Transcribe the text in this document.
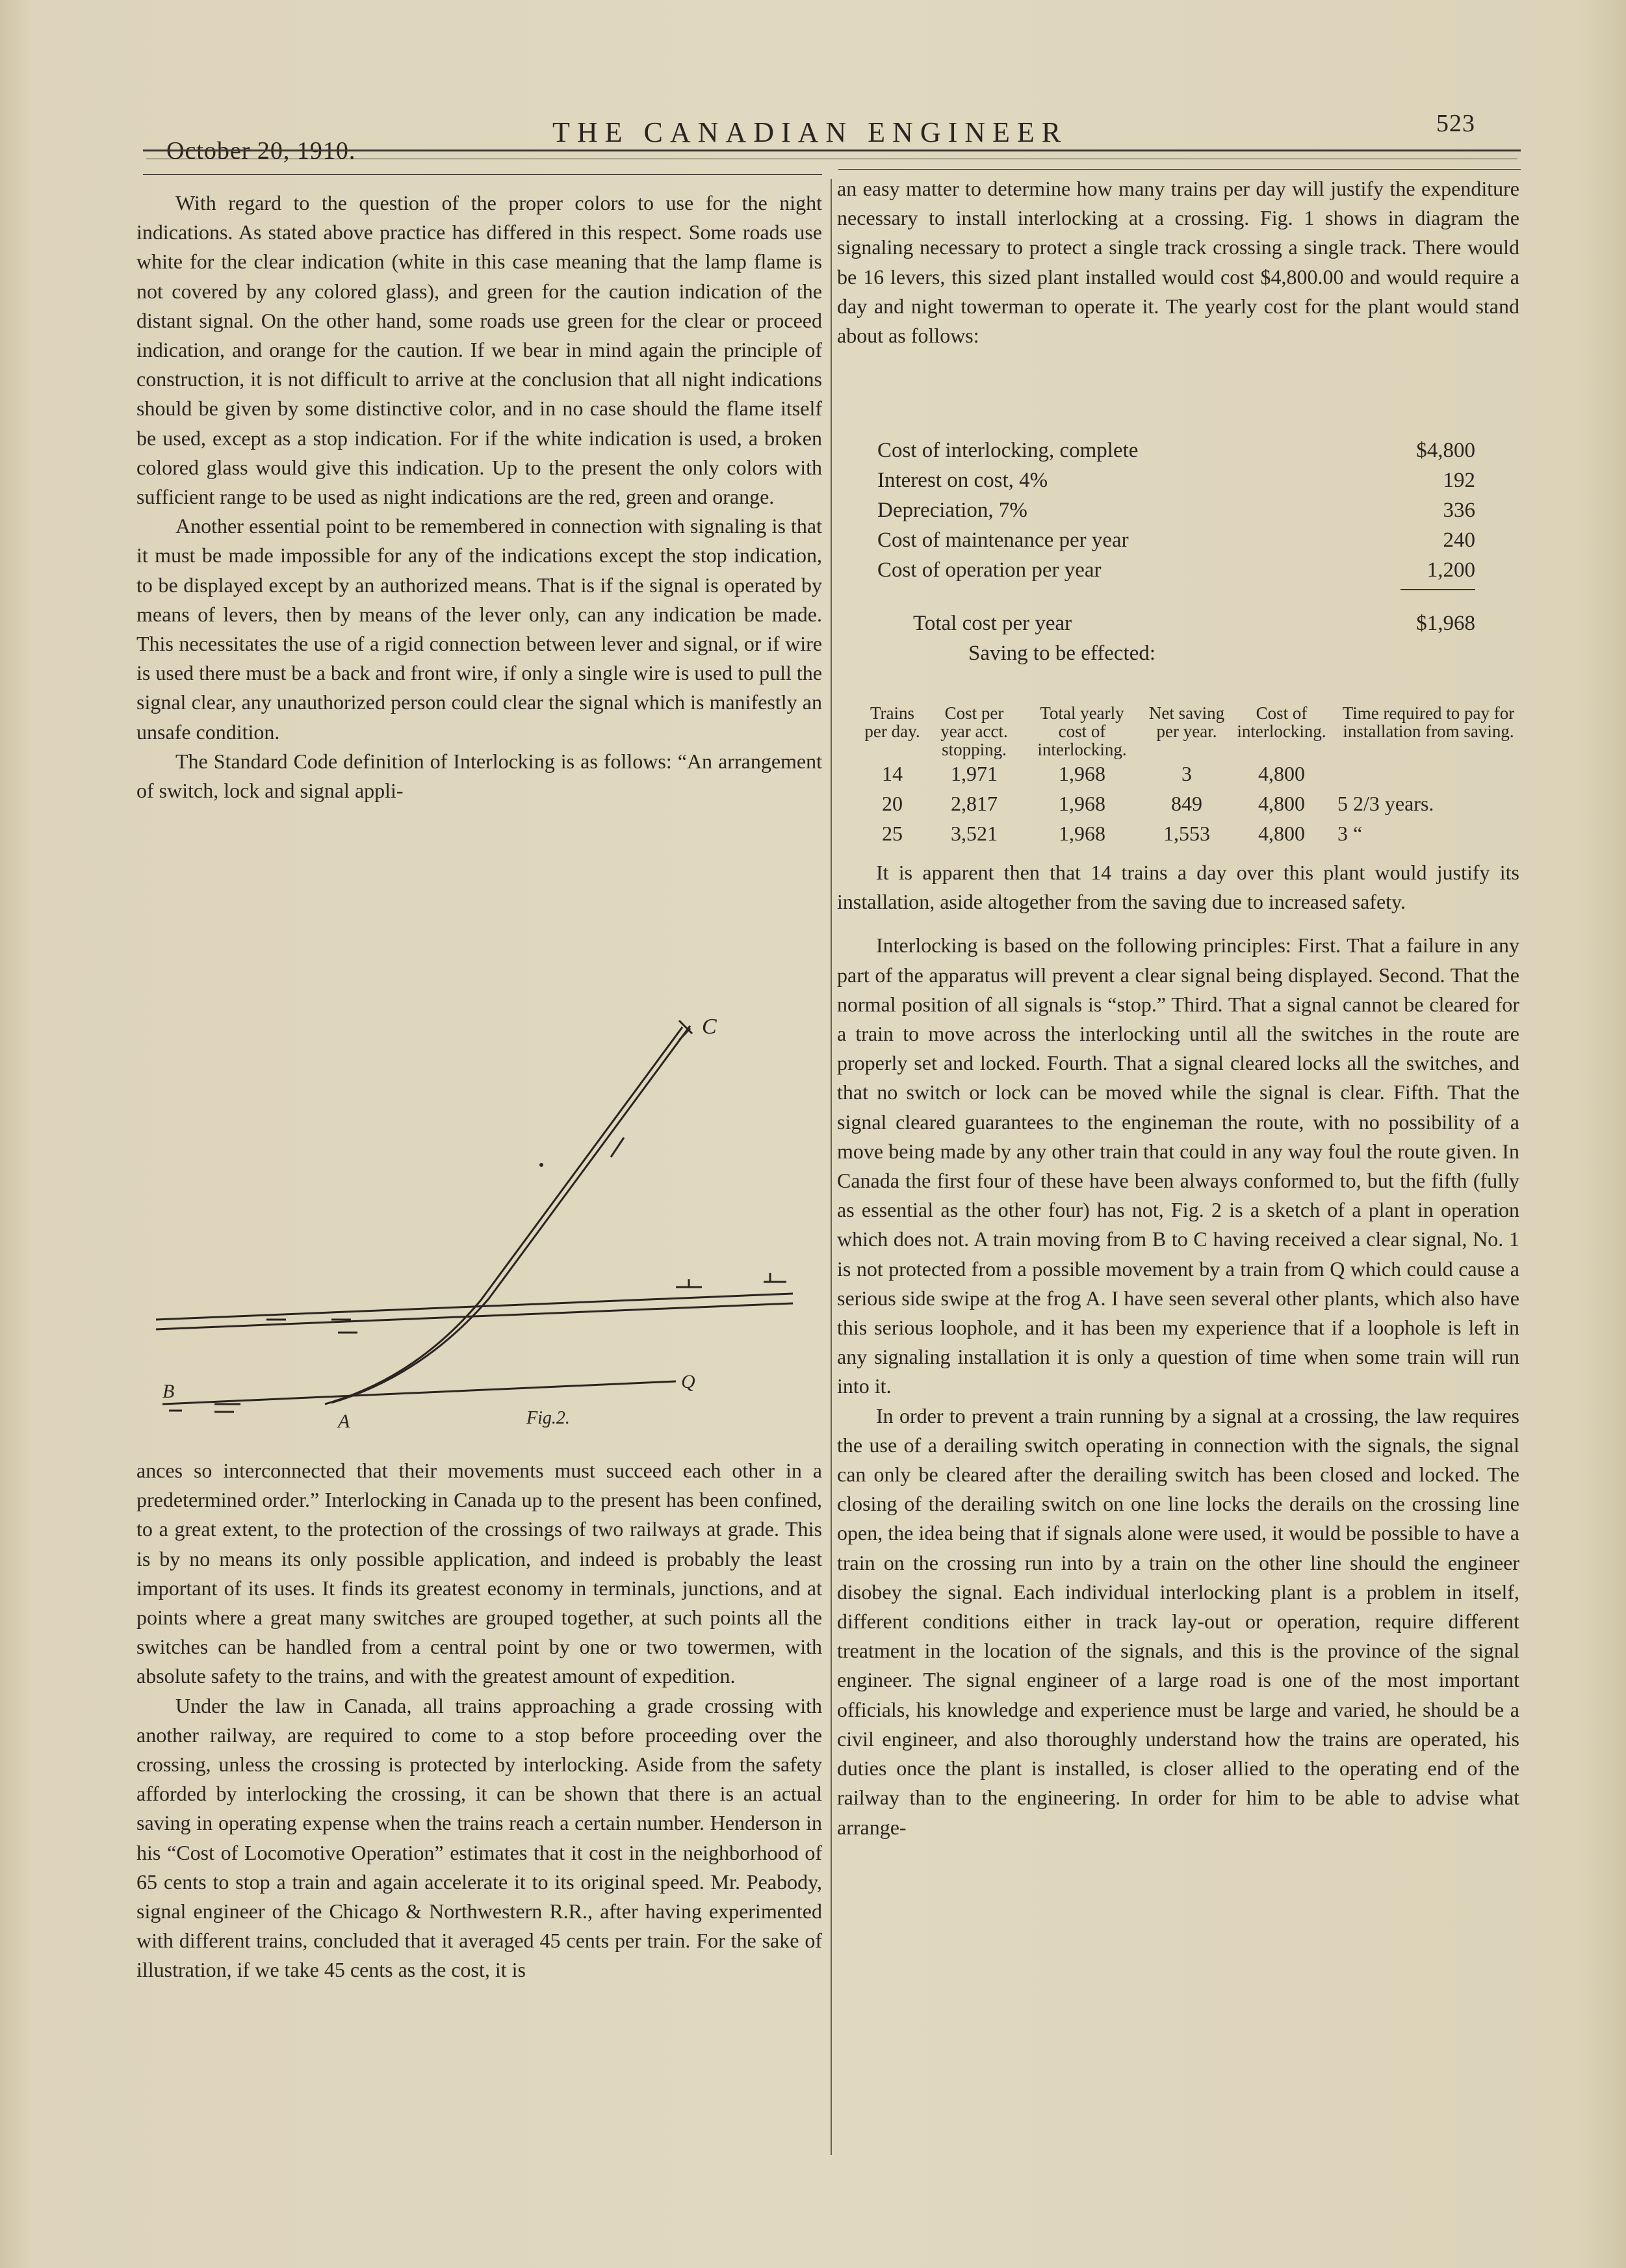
October 20, 1910.
THE CANADIAN ENGINEER	523

With regard to the question of the proper colors to use for the night indications. As stated above practice has differed in this respect. Some roads use white for the clear indication (white in this case meaning that the lamp flame is not covered by any colored glass), and green for the caution indication of the distant signal. On the other hand, some roads use green for the clear or proceed indication, and orange for the caution. If we bear in mind again the principle of construction, it is not difficult to arrive at the conclusion that all night indications should be given by some distinctive color, and in no case should the flame itself be used, except as a stop indication. For if the white indication is used, a broken colored glass would give this indication. Up to the present the only colors with sufficient range to be used as night indications are the red, green and orange.

Another essential point to be remembered in connection with signaling is that it must be made impossible for any of the indications except the stop indication, to be displayed except by an authorized means. That is if the signal is operated by means of levers, then by means of the lever only, can any indication be made. This necessitates the use of a rigid connection between lever and signal, or if wire is used there must be a back and front wire, if only a single wire is used to pull the signal clear, any unauthorized person could clear the signal which is manifestly an unsafe condition.

The Standard Code definition of Interlocking is as follows: “An arrangement of switch, lock and signal appli-

C
B
A
Q
Fig.2.

ances so interconnected that their movements must succeed each other in a predetermined order.” Interlocking in Canada up to the present has been confined, to a great extent, to the protection of the crossings of two railways at grade. This is by no means its only possible application, and indeed is probably the least important of its uses. It finds its greatest economy in terminals, junctions, and at points where a great many switches are grouped together, at such points all the switches can be handled from a central point by one or two towermen, with absolute safety to the trains, and with the greatest amount of expedition.

Under the law in Canada, all trains approaching a grade crossing with another railway, are required to come to a stop before proceeding over the crossing, unless the crossing is protected by interlocking. Aside from the safety afforded by interlocking the crossing, it can be shown that there is an actual saving in operating expense when the trains reach a certain number. Henderson in his “Cost of Locomotive Operation” estimates that it cost in the neighborhood of 65 cents to stop a train and again accelerate it to its original speed. Mr. Peabody, signal engineer of the Chicago & Northwestern R.R., after having experimented with different trains, concluded that it averaged 45 cents per train. For the sake of illustration, if we take 45 cents as the cost, it is

an easy matter to determine how many trains per day will justify the expenditure necessary to install interlocking at a crossing. Fig. 1 shows in diagram the signaling necessary to protect a single track crossing a single track. There would be 16 levers, this sized plant installed would cost $4,800.00 and would require a day and night towerman to operate it. The yearly cost for the plant would stand about as follows:

Cost of interlocking, complete	$4,800
Interest on cost, 4%	192
Depreciation, 7%	336
Cost of maintenance per year	240
Cost of operation per year	1,200
Total cost per year	$1,968
Saving to be effected:
Trains per day.	Cost per year acct. stopping.	Total yearly cost of interlocking.	Net saving per year.	Cost of interlocking.	Time required to pay for installation from saving.
14	1,971	1,968	3	4,800	
20	2,817	1,968	849	4,800	5 2/3 years.
25	3,521	1,968	1,553	4,800	3 “

It is apparent then that 14 trains a day over this plant would justify its installation, aside altogether from the saving due to increased safety.

Interlocking is based on the following principles: First. That a failure in any part of the apparatus will prevent a clear signal being displayed. Second. That the normal position of all signals is “stop.” Third. That a signal cannot be cleared for a train to move across the interlocking until all the switches in the route are properly set and locked. Fourth. That a signal cleared locks all the switches, and that no switch or lock can be moved while the signal is clear. Fifth. That the signal cleared guarantees to the engineman the route, with no possibility of a move being made by any other train that could in any way foul the route given. In Canada the first four of these have been always conformed to, but the fifth (fully as essential as the other four) has not, Fig. 2 is a sketch of a plant in operation which does not. A train moving from B to C having received a clear signal, No. 1 is not protected from a possible movement by a train from Q which could cause a serious side swipe at the frog A. I have seen several other plants, which also have this serious loophole, and it has been my experience that if a loophole is left in any signaling installation it is only a question of time when some train will run into it.

In order to prevent a train running by a signal at a crossing, the law requires the use of a derailing switch operating in connection with the signals, the signal can only be cleared after the derailing switch has been closed and locked. The closing of the derailing switch on one line locks the derails on the crossing line open, the idea being that if signals alone were used, it would be possible to have a train on the crossing run into by a train on the other line should the engineer disobey the signal. Each individual interlocking plant is a problem in itself, different conditions either in track lay-out or operation, require different treatment in the location of the signals, and this is the province of the signal engineer. The signal engineer of a large road is one of the most important officials, his knowledge and experience must be large and varied, he should be a civil engineer, and also thoroughly understand how the trains are operated, his duties once the plant is installed, is closer allied to the operating end of the railway than to the engineering. In order for him to be able to advise what arrange-
